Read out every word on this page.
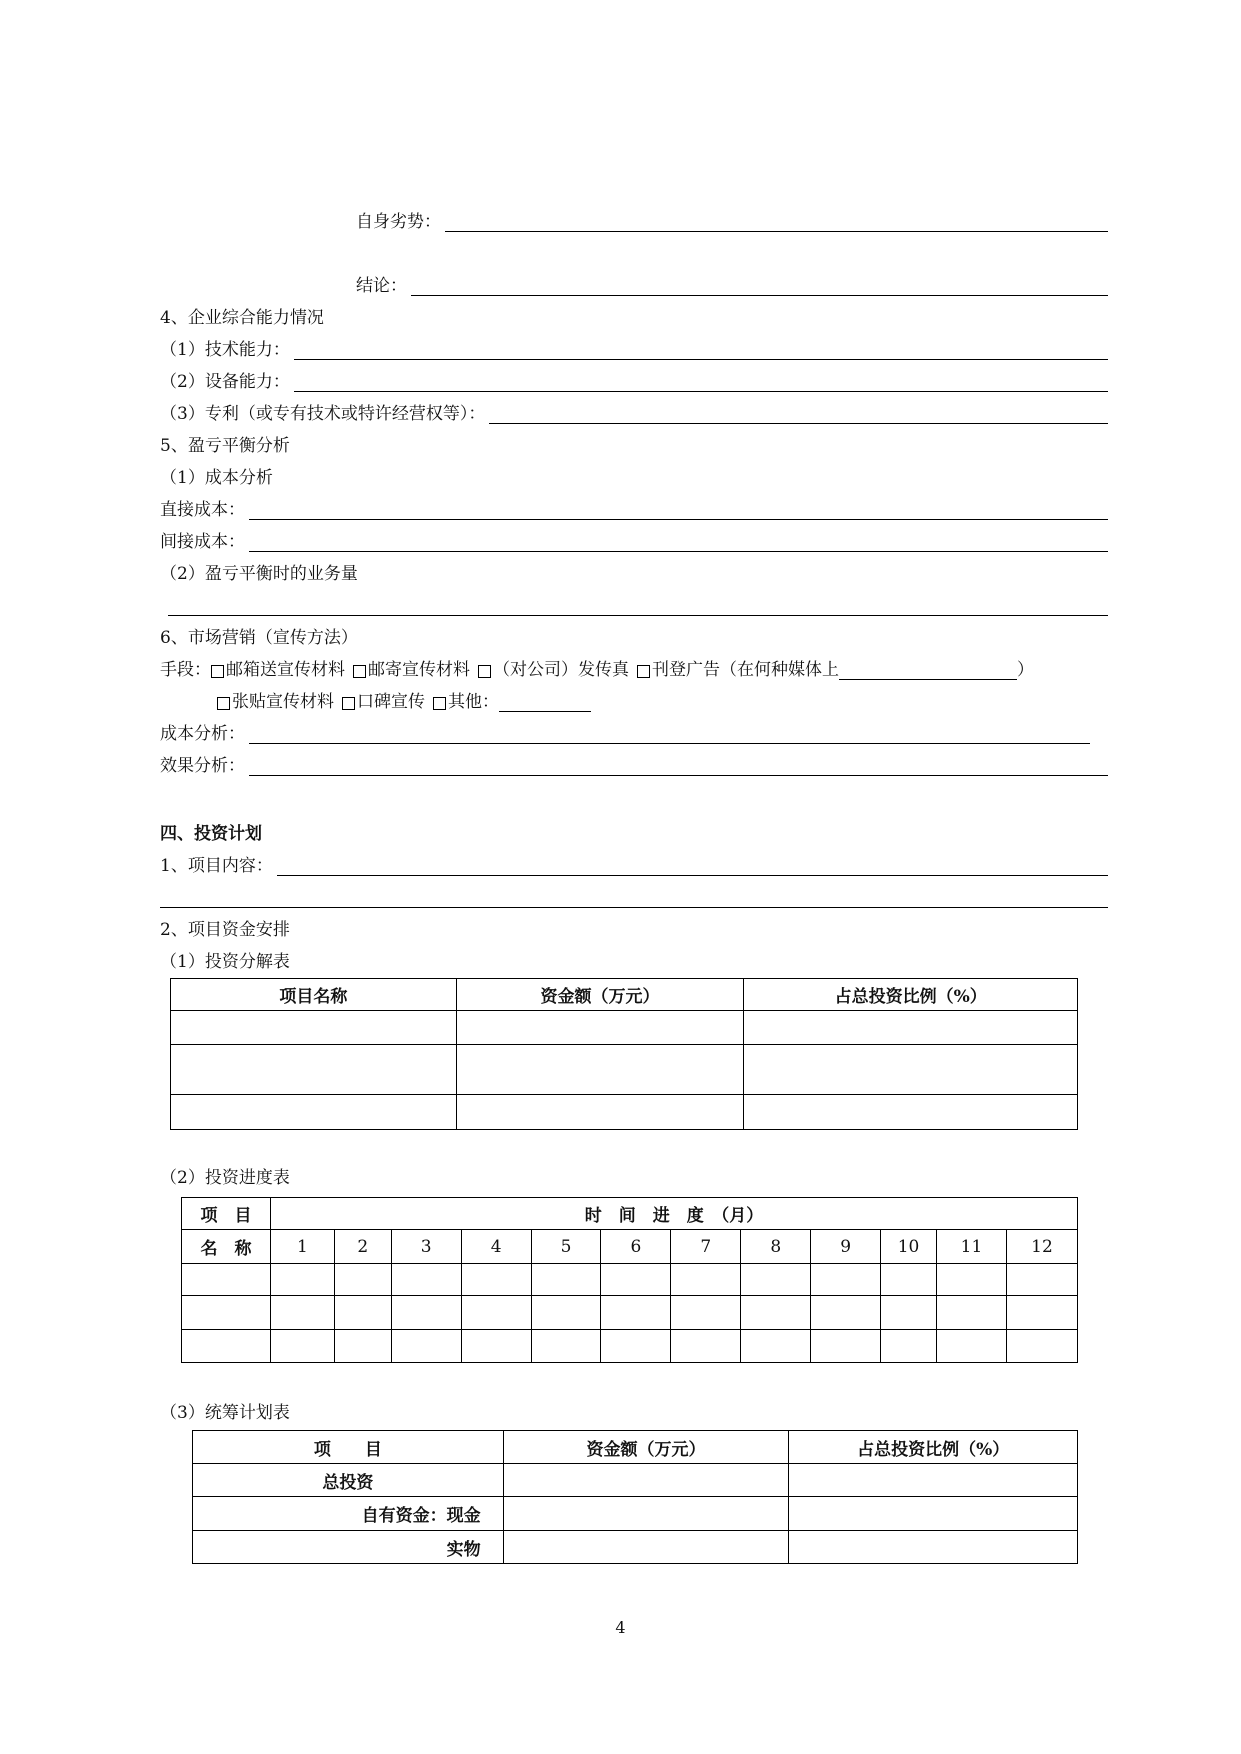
自身劣势：
结论：
4、企业综合能力情况
（1）技术能力：
（2）设备能力：
（3）专利（或专有技术或特许经营权等）：
5、盈亏平衡分析
（1）成本分析
直接成本：
间接成本：
（2）盈亏平衡时的业务量
6、市场营销（宣传方法）
手段： 邮箱送宣传材料 邮寄宣传材料 （对公司）发传真 刊登广告（在何种媒体上	）
张贴宣传材料 口碑宣传 其他：
成本分析：
效果分析：
四、投资计划
1、项目内容：
2、项目资金安排
（1）投资分解表
项目名称	资金额（万元）	占总投资比例（%）

（2）投资进度表
项　目	时　间　进　度　（月）											
名　称	1	2	3	4	5	6	7	8	9	10	11	12

（3）统筹计划表
项　　目	资金额（万元）	占总投资比例（%）
总投资		
自有资金：现金		
实物		
4
